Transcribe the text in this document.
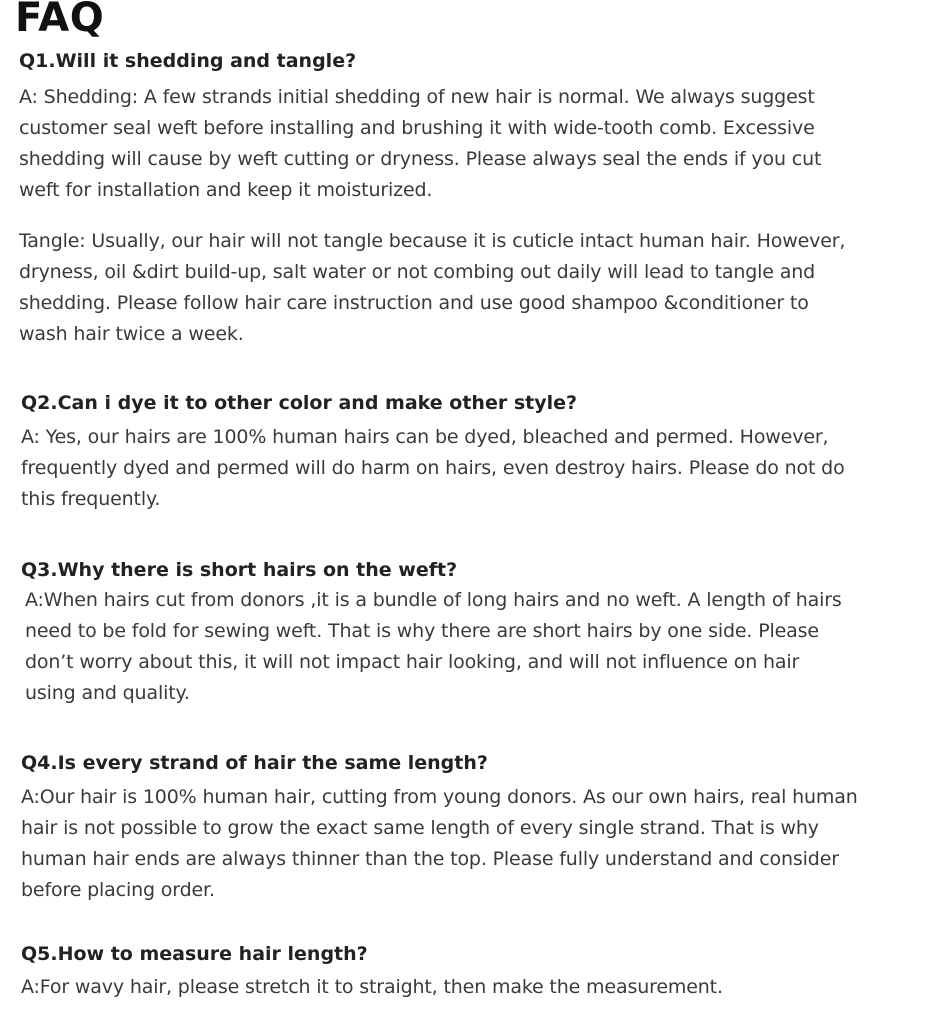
FAQ
Q1.Will it shedding and tangle?
A: Shedding: A few strands initial shedding of new hair is normal. We always suggest
customer seal weft before installing and brushing it with wide-tooth comb. Excessive
shedding will cause by weft cutting or dryness. Please always seal the ends if you cut
weft for installation and keep it moisturized.
Tangle: Usually, our hair will not tangle because it is cuticle intact human hair. However,
dryness, oil &dirt build-up, salt water or not combing out daily will lead to tangle and
shedding. Please follow hair care instruction and use good shampoo &conditioner to
wash hair twice a week.
Q2.Can i dye it to other color and make other style?
A: Yes, our hairs are 100% human hairs can be dyed, bleached and permed. However,
frequently dyed and permed will do harm on hairs, even destroy hairs. Please do not do
this frequently.
Q3.Why there is short hairs on the weft?
A:When hairs cut from donors ,it is a bundle of long hairs and no weft. A length of hairs
need to be fold for sewing weft. That is why there are short hairs by one side. Please
don’t worry about this, it will not impact hair looking, and will not influence on hair
using and quality.
Q4.Is every strand of hair the same length?
A:Our hair is 100% human hair, cutting from young donors. As our own hairs, real human
hair is not possible to grow the exact same length of every single strand. That is why
human hair ends are always thinner than the top. Please fully understand and consider
before placing order.
Q5.How to measure hair length?
A:For wavy hair, please stretch it to straight, then make the measurement.
